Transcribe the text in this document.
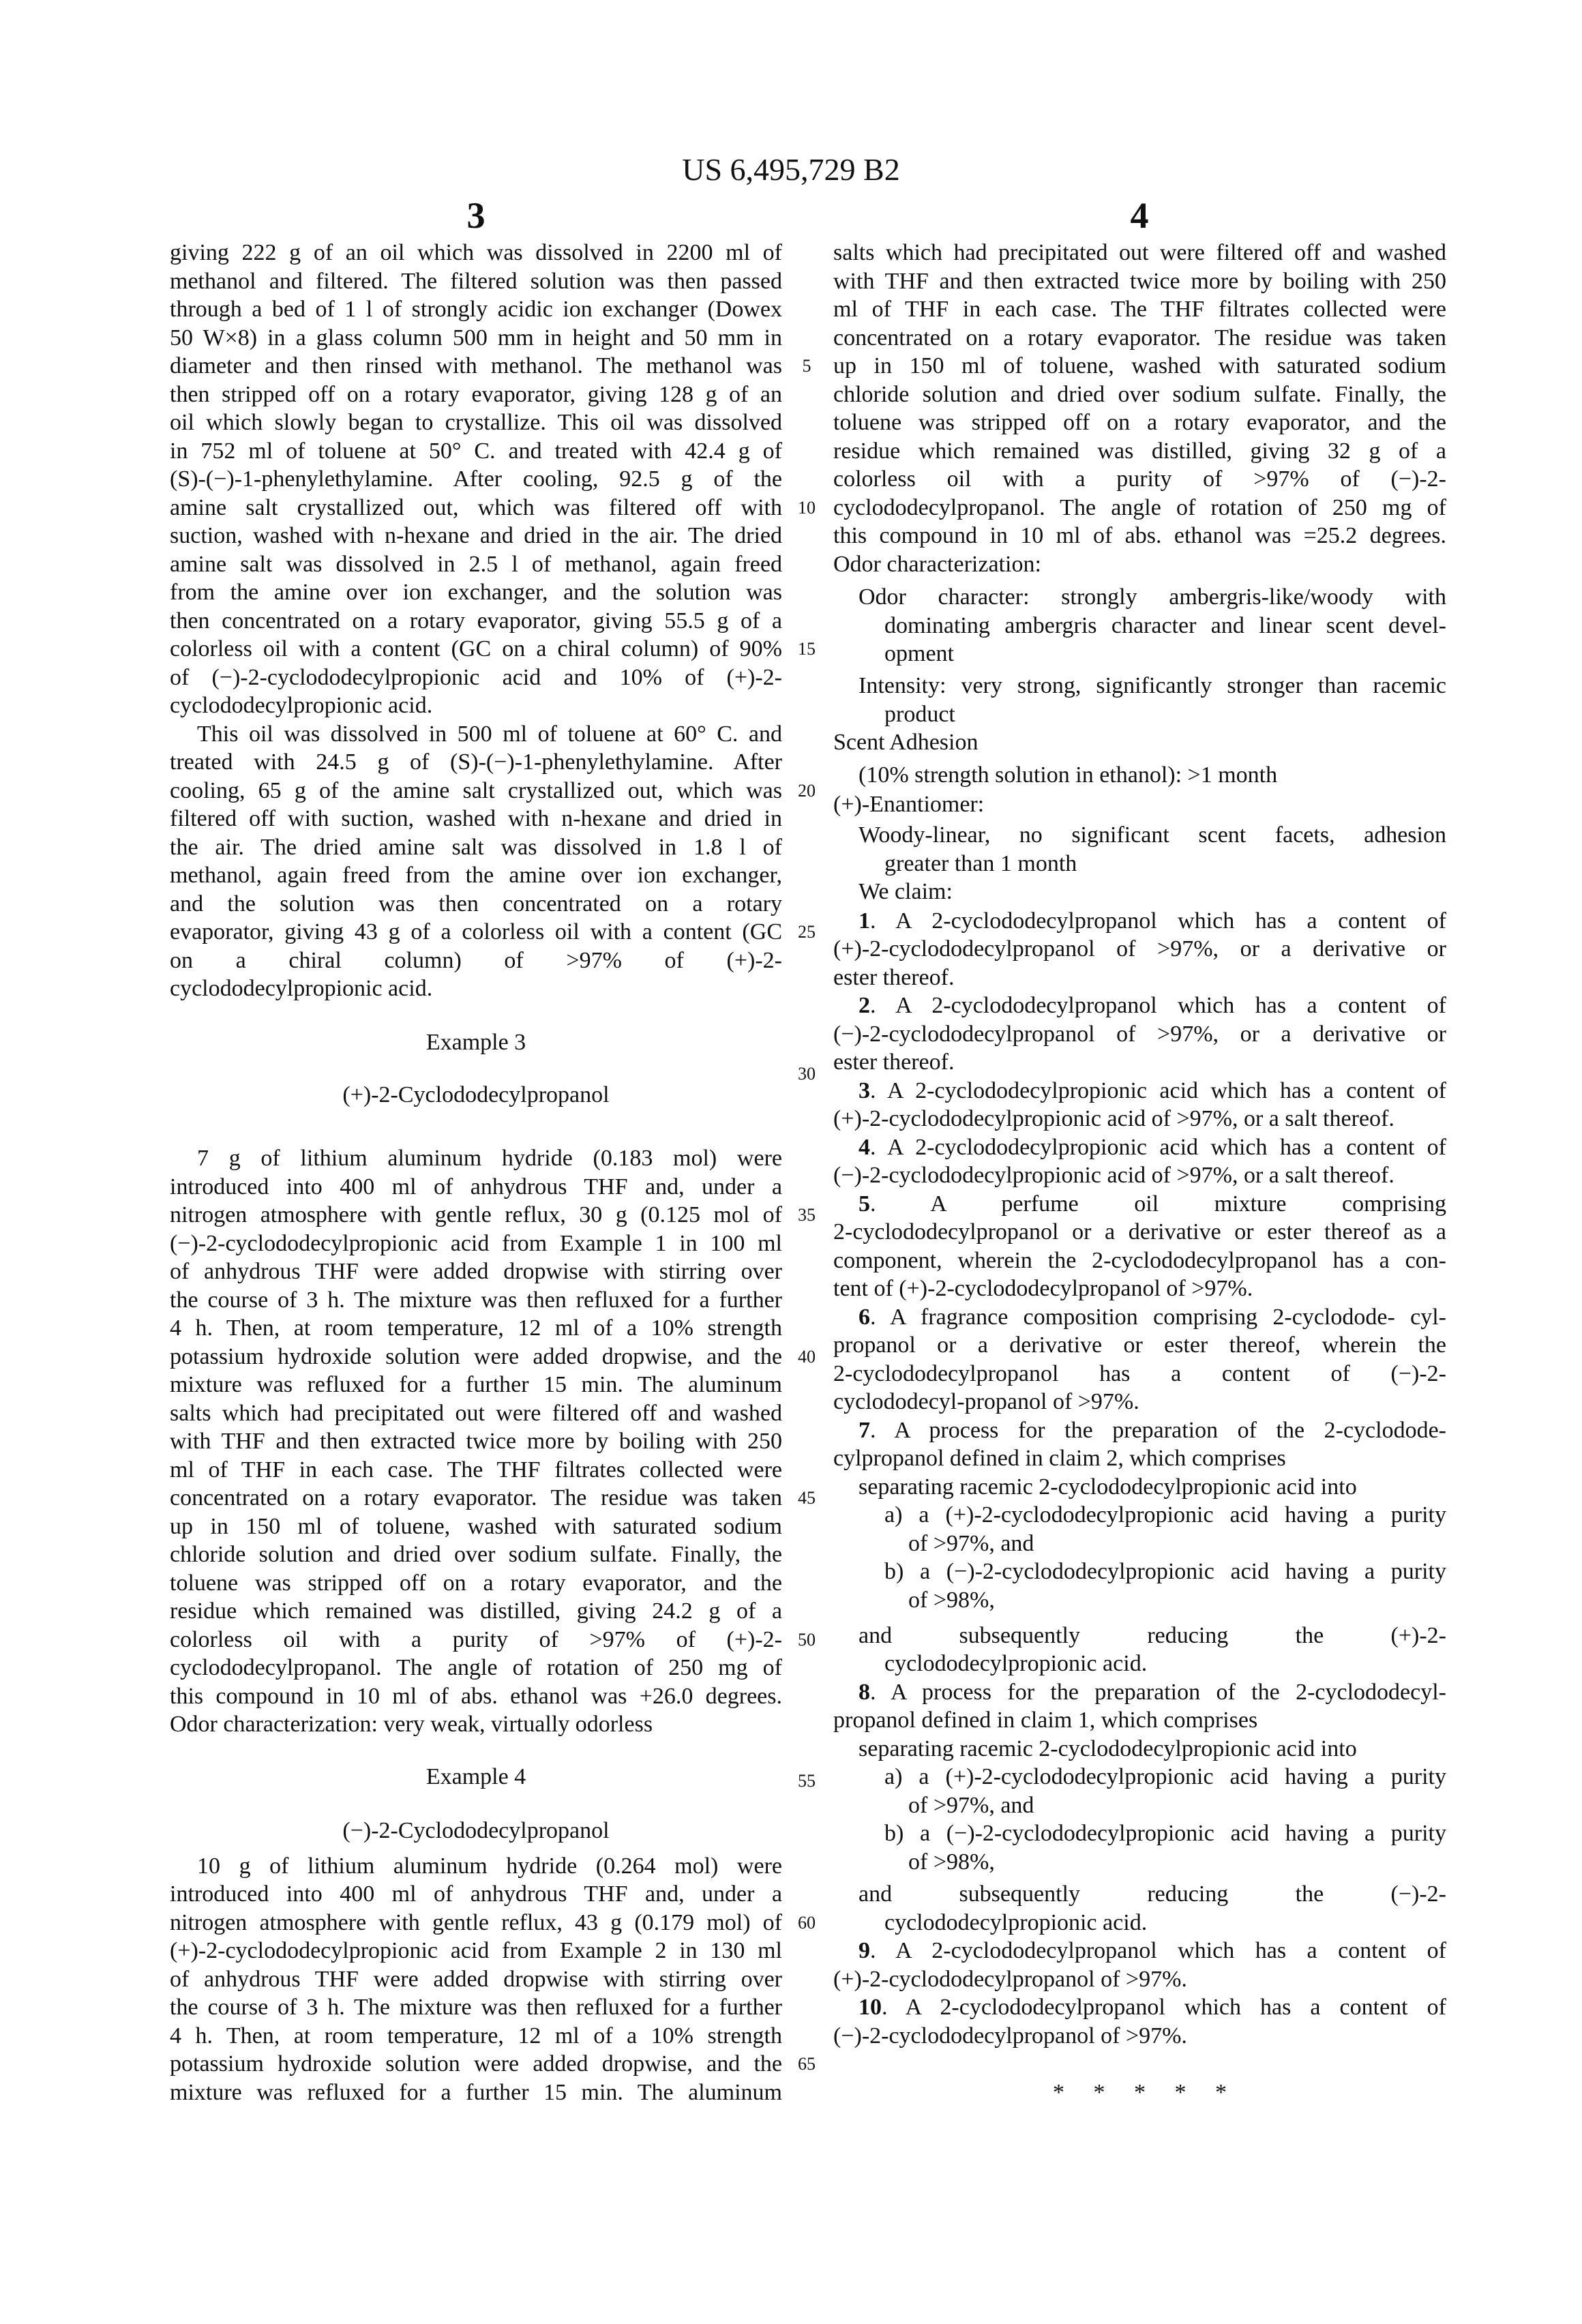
US 6,495,729 B2
3	4
giving 222 g of an oil which was dissolved in 2200 ml of
methanol and filtered. The filtered solution was then passed
through a bed of 1 l of strongly acidic ion exchanger (Dowex
50 W×8) in a glass column 500 mm in height and 50 mm in
diameter and then rinsed with methanol. The methanol was
then stripped off on a rotary evaporator, giving 128 g of an
oil which slowly began to crystallize. This oil was dissolved
in 752 ml of toluene at 50° C. and treated with 42.4 g of
(S)-(−)-1-phenylethylamine. After cooling, 92.5 g of the
amine salt crystallized out, which was filtered off with
suction, washed with n-hexane and dried in the air. The dried
amine salt was dissolved in 2.5 l of methanol, again freed
from the amine over ion exchanger, and the solution was
then concentrated on a rotary evaporator, giving 55.5 g of a
colorless oil with a content (GC on a chiral column) of 90%
of (−)-2-cyclododecylpropionic acid and 10% of (+)-2-
cyclododecylpropionic acid.
This oil was dissolved in 500 ml of toluene at 60° C. and
treated with 24.5 g of (S)-(−)-1-phenylethylamine. After
cooling, 65 g of the amine salt crystallized out, which was
filtered off with suction, washed with n-hexane and dried in
the air. The dried amine salt was dissolved in 1.8 l of
methanol, again freed from the amine over ion exchanger,
and the solution was then concentrated on a rotary
evaporator, giving 43 g of a colorless oil with a content (GC
on a chiral column) of >97% of (+)-2-
cyclododecylpropionic acid.
Example 3
(+)-2-Cyclododecylpropanol
7 g of lithium aluminum hydride (0.183 mol) were
introduced into 400 ml of anhydrous THF and, under a
nitrogen atmosphere with gentle reflux, 30 g (0.125 mol of
(−)-2-cyclododecylpropionic acid from Example 1 in 100 ml
of anhydrous THF were added dropwise with stirring over
the course of 3 h. The mixture was then refluxed for a further
4 h. Then, at room temperature, 12 ml of a 10% strength
potassium hydroxide solution were added dropwise, and the
mixture was refluxed for a further 15 min. The aluminum
salts which had precipitated out were filtered off and washed
with THF and then extracted twice more by boiling with 250
ml of THF in each case. The THF filtrates collected were
concentrated on a rotary evaporator. The residue was taken
up in 150 ml of toluene, washed with saturated sodium
chloride solution and dried over sodium sulfate. Finally, the
toluene was stripped off on a rotary evaporator, and the
residue which remained was distilled, giving 24.2 g of a
colorless oil with a purity of >97% of (+)-2-
cyclododecylpropanol. The angle of rotation of 250 mg of
this compound in 10 ml of abs. ethanol was +26.0 degrees.
Odor characterization: very weak, virtually odorless
Example 4
(−)-2-Cyclododecylpropanol
10 g of lithium aluminum hydride (0.264 mol) were
introduced into 400 ml of anhydrous THF and, under a
nitrogen atmosphere with gentle reflux, 43 g (0.179 mol) of
(+)-2-cyclododecylpropionic acid from Example 2 in 130 ml
of anhydrous THF were added dropwise with stirring over
the course of 3 h. The mixture was then refluxed for a further
4 h. Then, at room temperature, 12 ml of a 10% strength
potassium hydroxide solution were added dropwise, and the
mixture was refluxed for a further 15 min. The aluminum
5
10
15
20
25
30
35
40
45
50
55
60
65
salts which had precipitated out were filtered off and washed
with THF and then extracted twice more by boiling with 250
ml of THF in each case. The THF filtrates collected were
concentrated on a rotary evaporator. The residue was taken
up in 150 ml of toluene, washed with saturated sodium
chloride solution and dried over sodium sulfate. Finally, the
toluene was stripped off on a rotary evaporator, and the
residue which remained was distilled, giving 32 g of a
colorless oil with a purity of >97% of (−)-2-
cyclododecylpropanol. The angle of rotation of 250 mg of
this compound in 10 ml of abs. ethanol was =25.2 degrees.
Odor characterization:
Odor character: strongly ambergris-like/woody with
dominating ambergris character and linear scent devel-
opment
Intensity: very strong, significantly stronger than racemic
product
Scent Adhesion
(10% strength solution in ethanol): >1 month
(+)-Enantiomer:
Woody-linear, no significant scent facets, adhesion
greater than 1 month
We claim:
1. A 2-cyclododecylpropanol which has a content of
(+)-2-cyclododecylpropanol of >97%, or a derivative or
ester thereof.
2. A 2-cyclododecylpropanol which has a content of
(−)-2-cyclododecylpropanol of >97%, or a derivative or
ester thereof.
3. A 2-cyclododecylpropionic acid which has a content of
(+)-2-cyclododecylpropionic acid of >97%, or a salt thereof.
4. A 2-cyclododecylpropionic acid which has a content of
(−)-2-cyclododecylpropionic acid of >97%, or a salt thereof.
5. A perfume oil mixture comprising
2-cyclododecylpropanol or a derivative or ester thereof as a
component, wherein the 2-cyclododecylpropanol has a con-
tent of (+)-2-cyclododecylpropanol of >97%.
6. A fragrance composition comprising 2-cyclodode- cyl-
propanol or a derivative or ester thereof, wherein the
2-cyclododecylpropanol has a content of (−)-2-
cyclododecyl-propanol of >97%.
7. A process for the preparation of the 2-cyclodode-
cylpropanol defined in claim 2, which comprises
separating racemic 2-cyclododecylpropionic acid into
a) a (+)-2-cyclododecylpropionic acid having a purity
of >97%, and
b) a (−)-2-cyclododecylpropionic acid having a purity
of >98%,
and subsequently reducing the (+)-2-
cyclododecylpropionic acid.
8. A process for the preparation of the 2-cyclododecyl-
propanol defined in claim 1, which comprises
separating racemic 2-cyclododecylpropionic acid into
a) a (+)-2-cyclododecylpropionic acid having a purity
of >97%, and
b) a (−)-2-cyclododecylpropionic acid having a purity
of >98%,
and subsequently reducing the (−)-2-
cyclododecylpropionic acid.
9. A 2-cyclododecylpropanol which has a content of
(+)-2-cyclododecylpropanol of >97%.
10. A 2-cyclododecylpropanol which has a content of
(−)-2-cyclododecylpropanol of >97%.
*     *     *     *     *
